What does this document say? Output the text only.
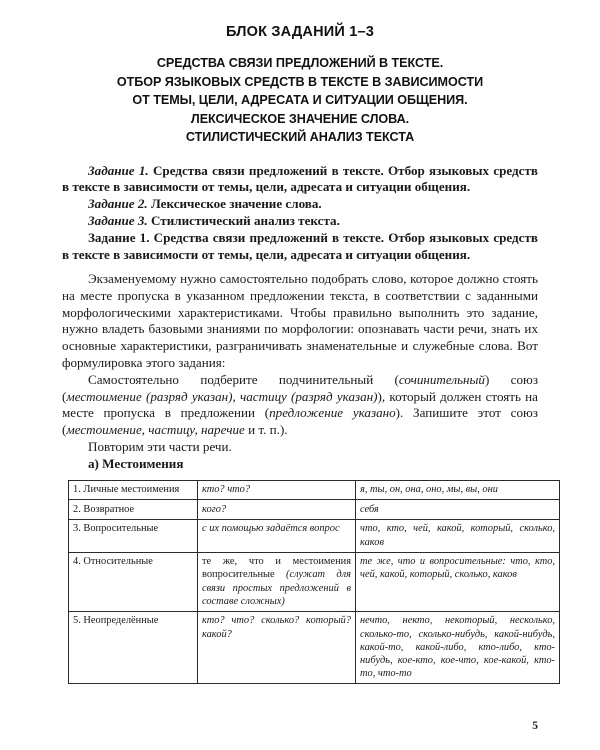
БЛОК ЗАДАНИЙ 1–3
СРЕДСТВА СВЯЗИ ПРЕДЛОЖЕНИЙ В ТЕКСТЕ.
ОТБОР ЯЗЫКОВЫХ СРЕДСТВ В ТЕКСТЕ В ЗАВИСИМОСТИ
ОТ ТЕМЫ, ЦЕЛИ, АДРЕСАТА И СИТУАЦИИ ОБЩЕНИЯ.
ЛЕКСИЧЕСКОЕ ЗНАЧЕНИЕ СЛОВА.
СТИЛИСТИЧЕСКИЙ АНАЛИЗ ТЕКСТА

Задание 1. Средства связи предложений в тексте. Отбор языковых средств в тексте в зависимости от темы, цели, адресата и ситуации общения.

Задание 2. Лексическое значение слова.

Задание 3. Стилистический анализ текста.

Задание 1. Средства связи предложений в тексте. Отбор языковых средств в тексте в зависимости от темы, цели, адресата и ситуации общения.

Экзаменуемому нужно самостоятельно подобрать слово, которое должно стоять на месте пропуска в указанном предложении текста, в соответствии с заданными морфологическими характеристиками. Чтобы правильно выполнить это задание, нужно владеть базовыми знаниями по морфологии: опознавать части речи, знать их основные характеристики, разграничивать знаменательные и служебные слова. Вот формулировка этого задания:

Самостоятельно подберите подчинительный (сочинительный) союз (местоимение (разряд указан), частицу (разряд указан)), который должен стоять на месте пропуска в предложении (предложение указано). Запишите этот союз (местоимение, частицу, наречие и т. п.).

Повторим эти части речи.

а) Местоимения

1. Личные местоимения	кто? что?	я, ты, он, она, оно, мы, вы, они
2. Возвратное	кого?	себя
3. Вопросительные	с их помощью задаётся вопрос	что, кто, чей, какой, который, сколько, каков
4. Относительные	те же, что и местоимения вопросительные (служат для связи простых предложений в составе сложных)	те же, что и вопросительные: что, кто, чей, какой, который, сколько, каков
5. Неопределённые	кто? что? сколько? который? какой?	нечто, некто, некоторый, несколько, сколько-то, сколько-нибудь, какой-нибудь, какой-то, какой-либо, кто-либо, кто-нибудь, кое-кто, кое-что, кое-какой, кто-то, что-то
5
